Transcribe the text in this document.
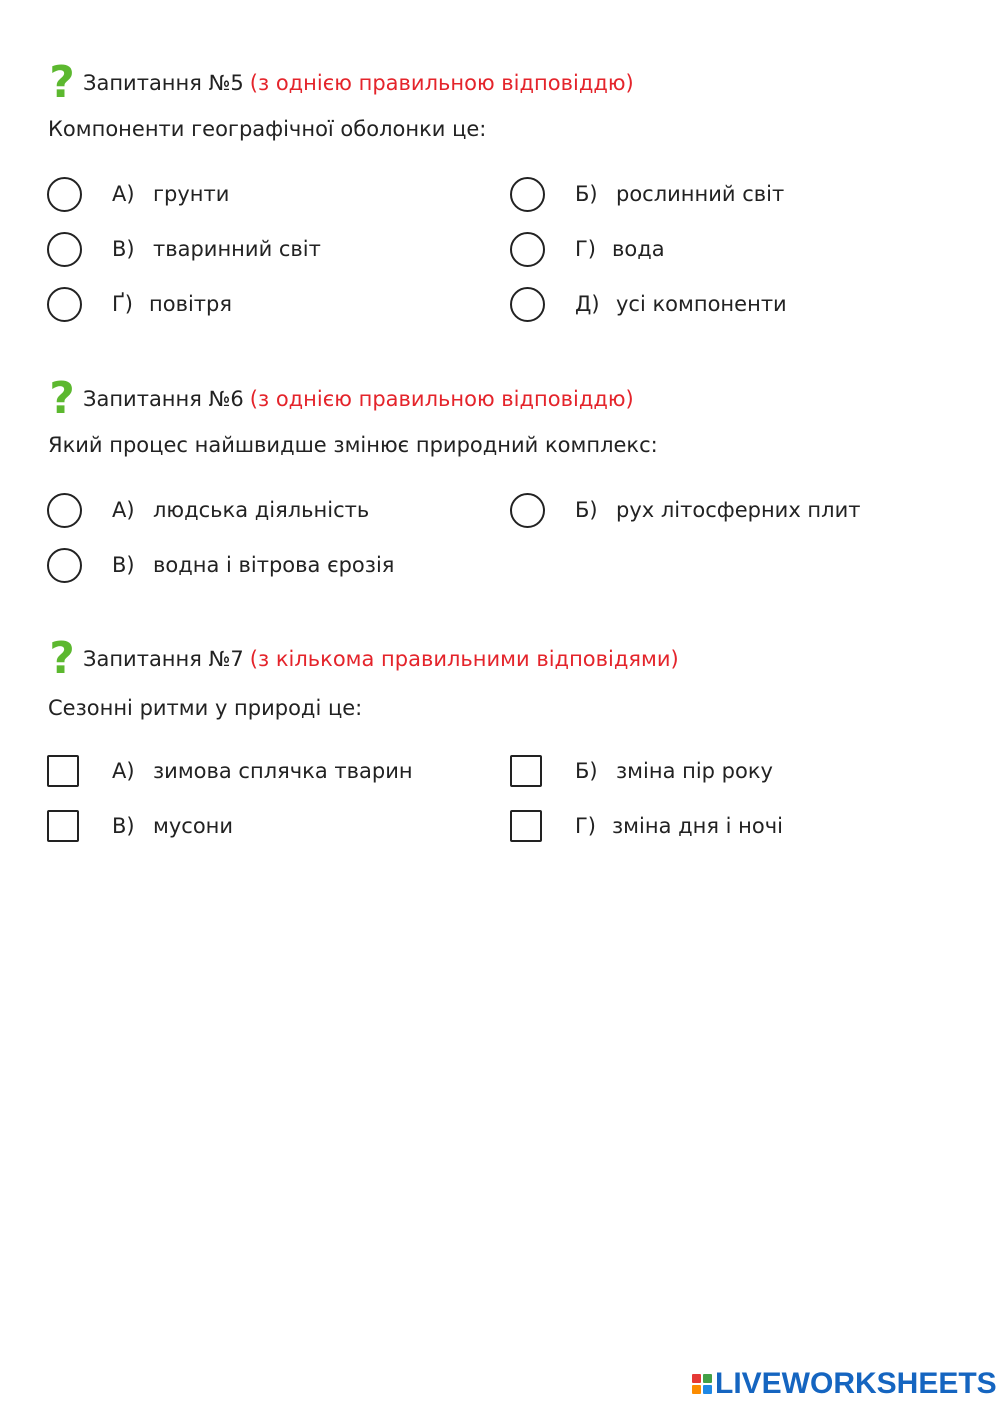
? Запитання №5 (з однією правильною відповіддю)
Компоненти географічної оболонки це:
А) грунти	Б) рослинний світ
В) тваринний світ	Г) вода
Ґ) повітря	Д) усі компоненти
? Запитання №6 (з однією правильною відповіддю)
Який процес найшвидше змінює природний комплекс:
А) людська діяльність	Б) рух літосферних плит
В) водна і вітрова єрозія
? Запитання №7 (з кількома правильними відповідями)
Сезонні ритми у природі це:
А) зимова сплячка тварин	Б) зміна пір року
В) мусони	Г) зміна дня і ночі
LIVEWORKSHEETS
